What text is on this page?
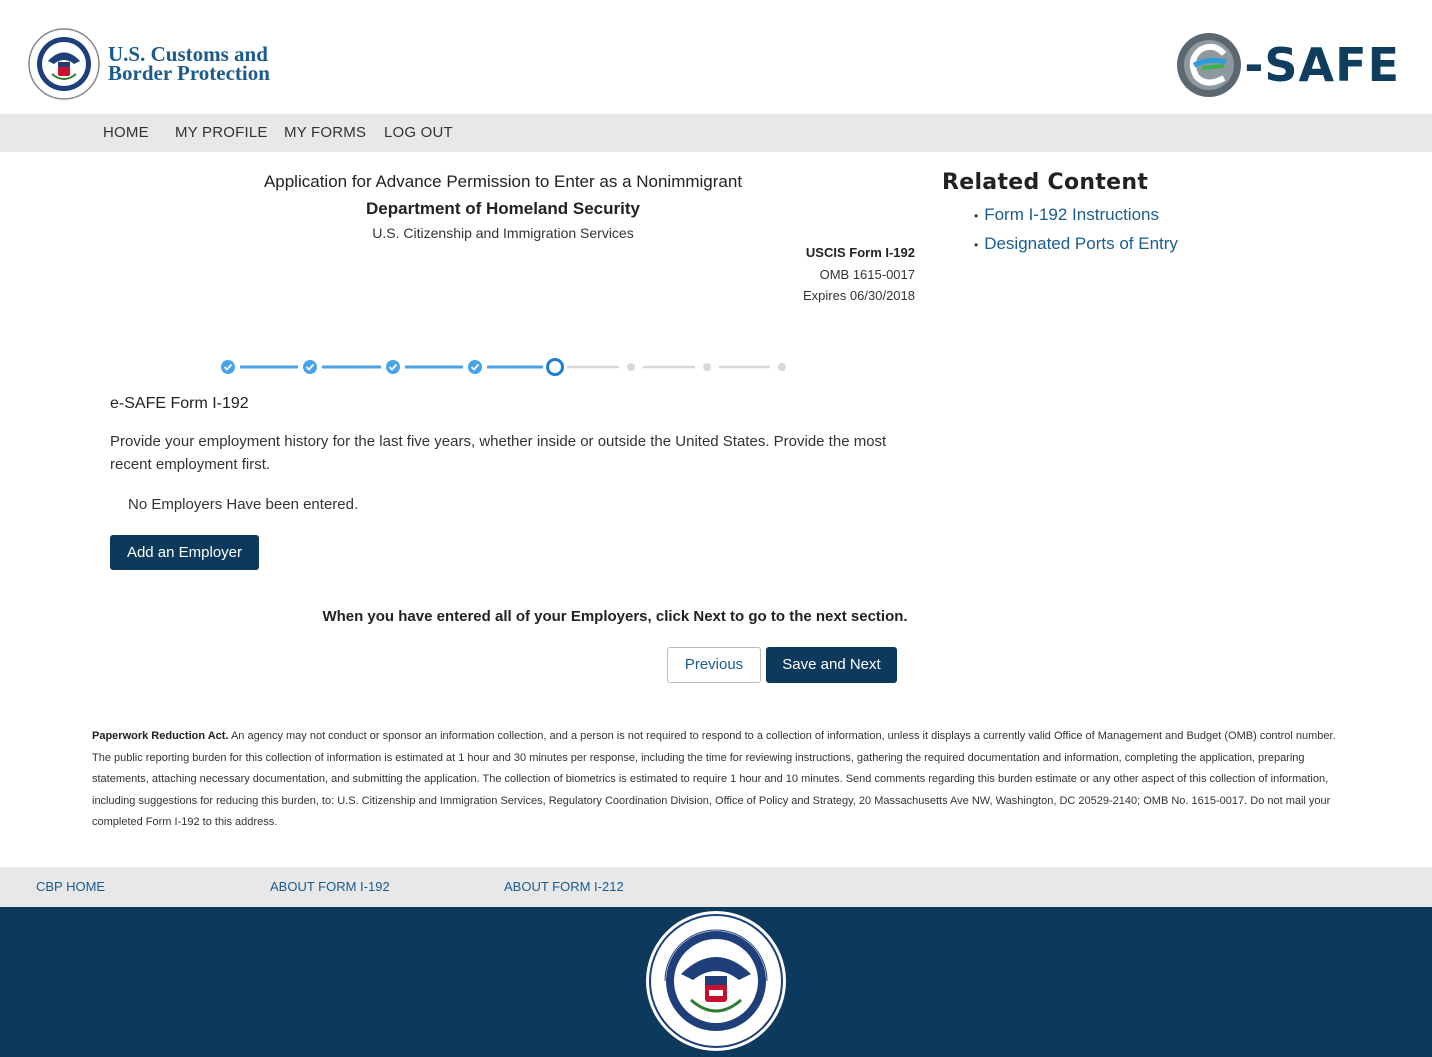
U.S. Customs and
Border Protection	-SAFE
HOME MY PROFILE MY FORMS LOG OUT
Application for Advance Permission to Enter as a Nonimmigrant
Department of Homeland Security
U.S. Citizenship and Immigration Services
USCIS Form I-192
OMB 1615-0017
Expires 06/30/2018
Related Content
• Form I-192 Instructions
• Designated Ports of Entry
e-SAFE Form I-192
Provide your employment history for the last five years, whether inside or outside the United States. Provide the most recent employment first.
No Employers Have been entered.
Add an Employer
When you have entered all of your Employers, click Next to go to the next section.
Previous	Save and Next
Paperwork Reduction Act. An agency may not conduct or sponsor an information collection, and a person is not required to respond to a collection of information, unless it displays a currently valid Office of Management and Budget (OMB) control number. The public reporting burden for this collection of information is estimated at 1 hour and 30 minutes per response, including the time for reviewing instructions, gathering the required documentation and information, completing the application, preparing statements, attaching necessary documentation, and submitting the application. The collection of biometrics is estimated to require 1 hour and 10 minutes. Send comments regarding this burden estimate or any other aspect of this collection of information, including suggestions for reducing this burden, to: U.S. Citizenship and Immigration Services, Regulatory Coordination Division, Office of Policy and Strategy, 20 Massachusetts Ave NW, Washington, DC 20529-2140; OMB No. 1615-0017. Do not mail your completed Form I-192 to this address.
CBP HOME	ABOUT FORM I-192	ABOUT FORM I-212
